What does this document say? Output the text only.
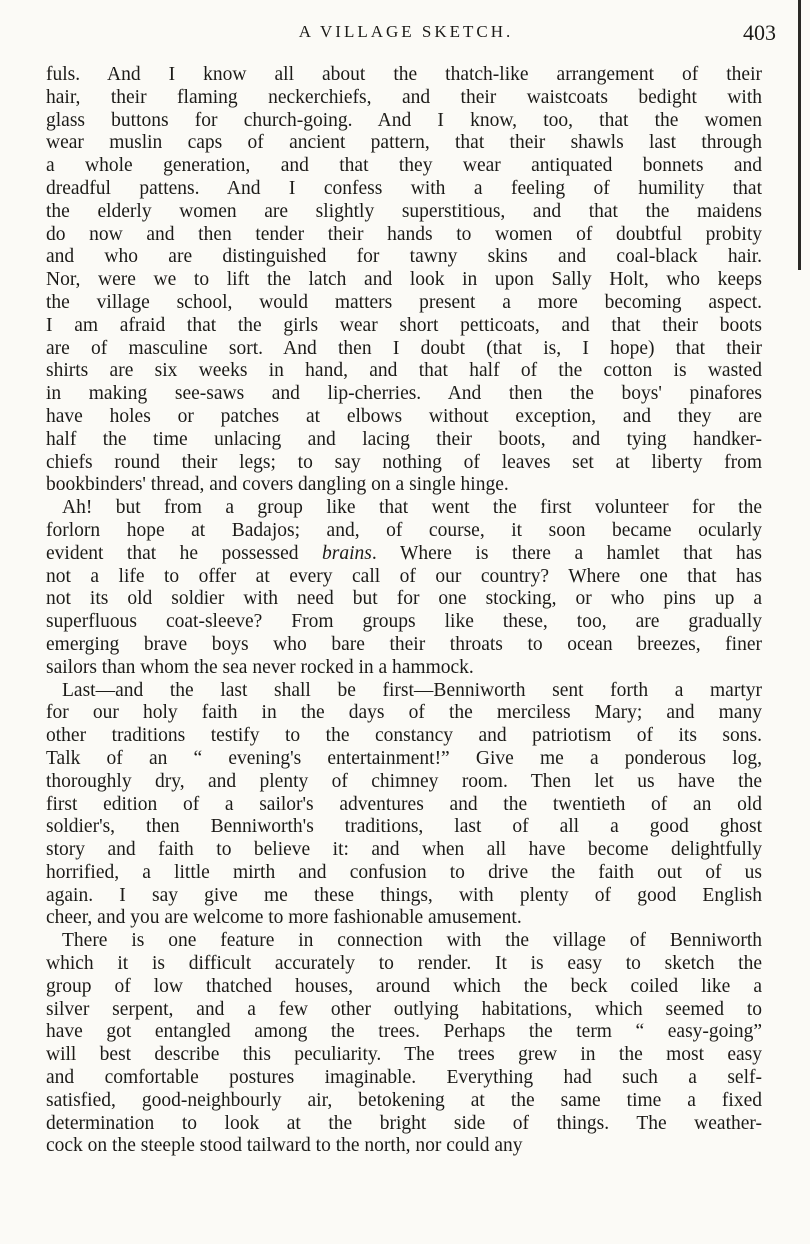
A VILLAGE SKETCH.	403
fuls. And I know all about the thatch-like arrangement of their
hair, their flaming neckerchiefs, and their waistcoats bedight with
glass buttons for church-going. And I know, too, that the women
wear muslin caps of ancient pattern, that their shawls last through
a whole generation, and that they wear antiquated bonnets and
dreadful pattens. And I confess with a feeling of humility that
the elderly women are slightly superstitious, and that the maidens
do now and then tender their hands to women of doubtful probity
and who are distinguished for tawny skins and coal-black hair.
Nor, were we to lift the latch and look in upon Sally Holt, who keeps
the village school, would matters present a more becoming aspect.
I am afraid that the girls wear short petticoats, and that their boots
are of masculine sort. And then I doubt (that is, I hope) that their
shirts are six weeks in hand, and that half of the cotton is wasted
in making see-saws and lip-cherries. And then the boys' pinafores
have holes or patches at elbows without exception, and they are
half the time unlacing and lacing their boots, and tying handker-
chiefs round their legs; to say nothing of leaves set at liberty from
bookbinders' thread, and covers dangling on a single hinge.
Ah! but from a group like that went the first volunteer for the
forlorn hope at Badajos; and, of course, it soon became ocularly
evident that he possessed brains. Where is there a hamlet that has
not a life to offer at every call of our country? Where one that has
not its old soldier with need but for one stocking, or who pins up a
superfluous coat-sleeve? From groups like these, too, are gradually
emerging brave boys who bare their throats to ocean breezes, finer
sailors than whom the sea never rocked in a hammock.
Last—and the last shall be first—Benniworth sent forth a martyr
for our holy faith in the days of the merciless Mary; and many
other traditions testify to the constancy and patriotism of its sons.
Talk of an “ evening's entertainment!” Give me a ponderous log,
thoroughly dry, and plenty of chimney room. Then let us have the
first edition of a sailor's adventures and the twentieth of an old
soldier's, then Benniworth's traditions, last of all a good ghost
story and faith to believe it: and when all have become delightfully
horrified, a little mirth and confusion to drive the faith out of us
again. I say give me these things, with plenty of good English
cheer, and you are welcome to more fashionable amusement.
There is one feature in connection with the village of Benniworth
which it is difficult accurately to render. It is easy to sketch the
group of low thatched houses, around which the beck coiled like a
silver serpent, and a few other outlying habitations, which seemed to
have got entangled among the trees. Perhaps the term “ easy-going”
will best describe this peculiarity. The trees grew in the most easy
and comfortable postures imaginable. Everything had such a self-
satisfied, good-neighbourly air, betokening at the same time a fixed
determination to look at the bright side of things. The weather-
cock on the steeple stood tailward to the north, nor could any
